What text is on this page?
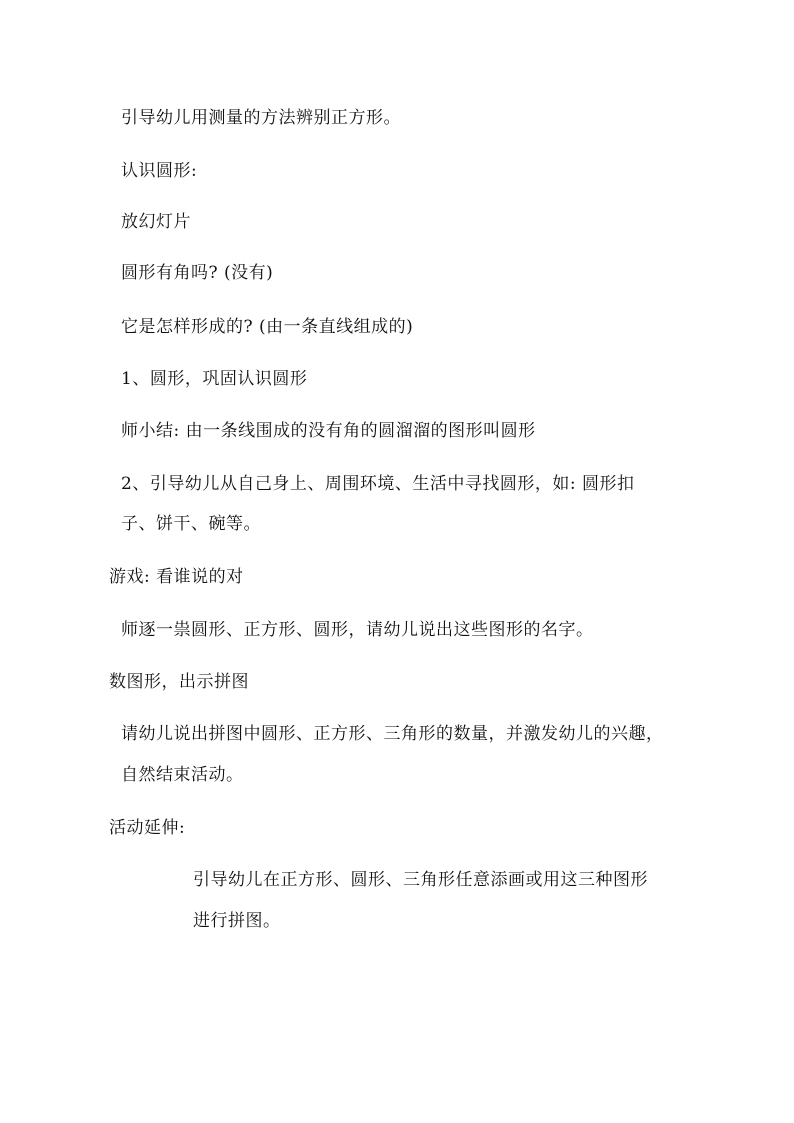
引导幼儿用测量的方法辨别正方形。
认识圆形:
放幻灯片
圆形有角吗? (没有)
它是怎样形成的? (由一条直线组成的)
1、圆形，巩固认识圆形
师小结: 由一条线围成的没有角的圆溜溜的图形叫圆形
2、引导幼儿从自己身上、周围环境、生活中寻找圆形，如: 圆形扣
子、饼干、碗等。
游戏: 看谁说的对
师逐一祟圆形、正方形、圆形，请幼儿说出这些图形的名字。
数图形，出示拼图
请幼儿说出拼图中圆形、正方形、三角形的数量，并激发幼儿的兴趣，
自然结束活动。
活动延伸:
引导幼儿在正方形、圆形、三角形任意添画或用这三种图形
进行拼图。
